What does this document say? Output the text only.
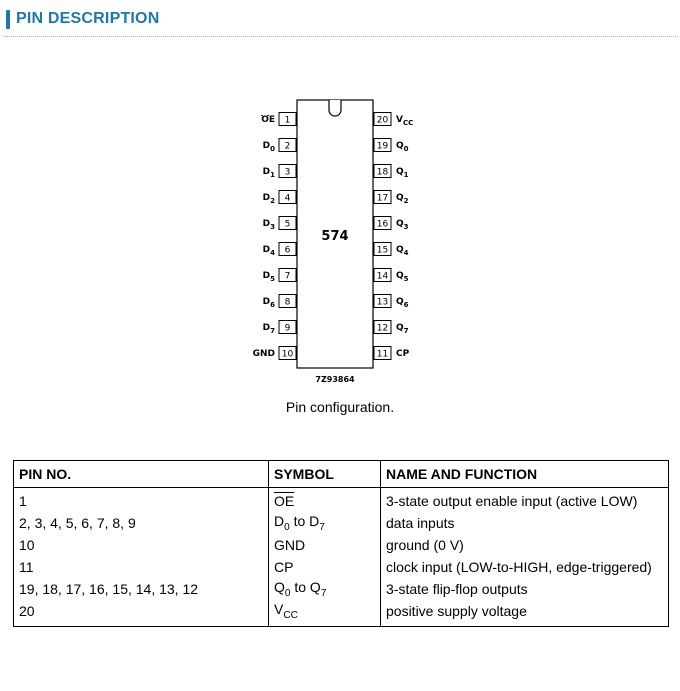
PIN DESCRIPTION
574
7Z93864
1
OE
2
$D_0$
3
$D_1$
4
$D_2$
5
$D_3$
6
$D_4$
7
$D_5$
8
$D_6$
9
$D_7$
10
GND
20 $V_{CC}$
19 $Q_0$
18 $Q_1$
17 $Q_2$
16 $Q_3$
15 $Q_4$
14 $Q_5$
13 $Q_6$
12 $Q_7$
11 CP
Pin configuration.
PIN NO.	SYMBOL	NAME AND FUNCTION
1	$\overline{OE}$	3-state output enable input (active LOW)
2, 3, 4, 5, 6, 7, 8, 9	$D_0$ to $D_7$	data inputs
10	GND	ground (0 V)
11	CP	clock input (LOW-to-HIGH, edge-triggered)
19, 18, 17, 16, 15, 14, 13, 12	$Q_0$ to $Q_7$	3-state flip-flop outputs
20	$V_{CC}$	positive supply voltage
